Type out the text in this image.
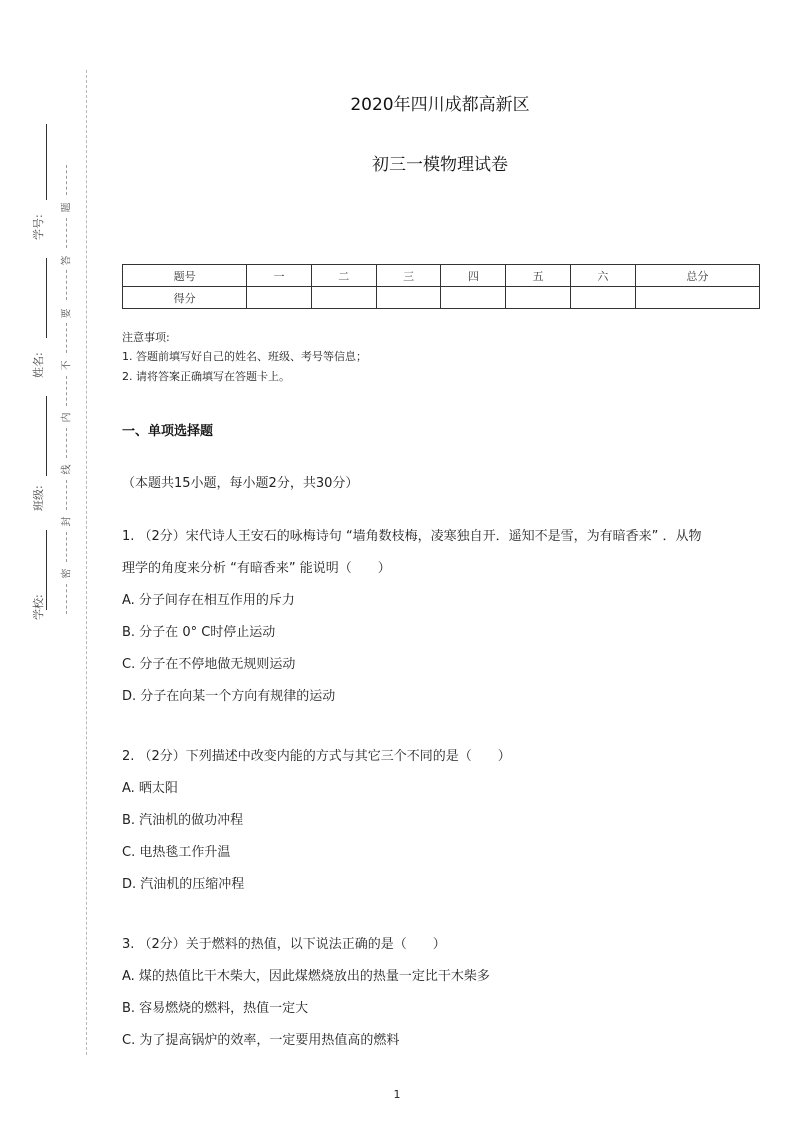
学号:
姓名:
班级:
学校:
题
答
要
不
内
线
封
密
2020年四川成都高新区
初三一模物理试卷
题号	一	二	三	四	五	六	总分
得分							
注意事项:
1. 答题前填写好自己的姓名、班级、考号等信息；
2. 请将答案正确填写在答题卡上。
一、单项选择题
（本题共15小题，每小题2分，共30分）
1. （2分）宋代诗人王安石的咏梅诗句 “墙角数枝梅，凌寒独自开．遥知不是雪，为有暗香来” ．从物
理学的角度来分析 “有暗香来” 能说明（　　）
A. 分子间存在相互作用的斥力
B. 分子在 0° C时停止运动
C. 分子在不停地做无规则运动
D. 分子在向某一个方向有规律的运动
2. （2分）下列描述中改变内能的方式与其它三个不同的是（　　）
A. 晒太阳
B. 汽油机的做功冲程
C. 电热毯工作升温
D. 汽油机的压缩冲程
3. （2分）关于燃料的热值，以下说法正确的是（　　）
A. 煤的热值比干木柴大，因此煤燃烧放出的热量一定比干木柴多
B. 容易燃烧的燃料，热值一定大
C. 为了提高锅炉的效率，一定要用热值高的燃料
1
